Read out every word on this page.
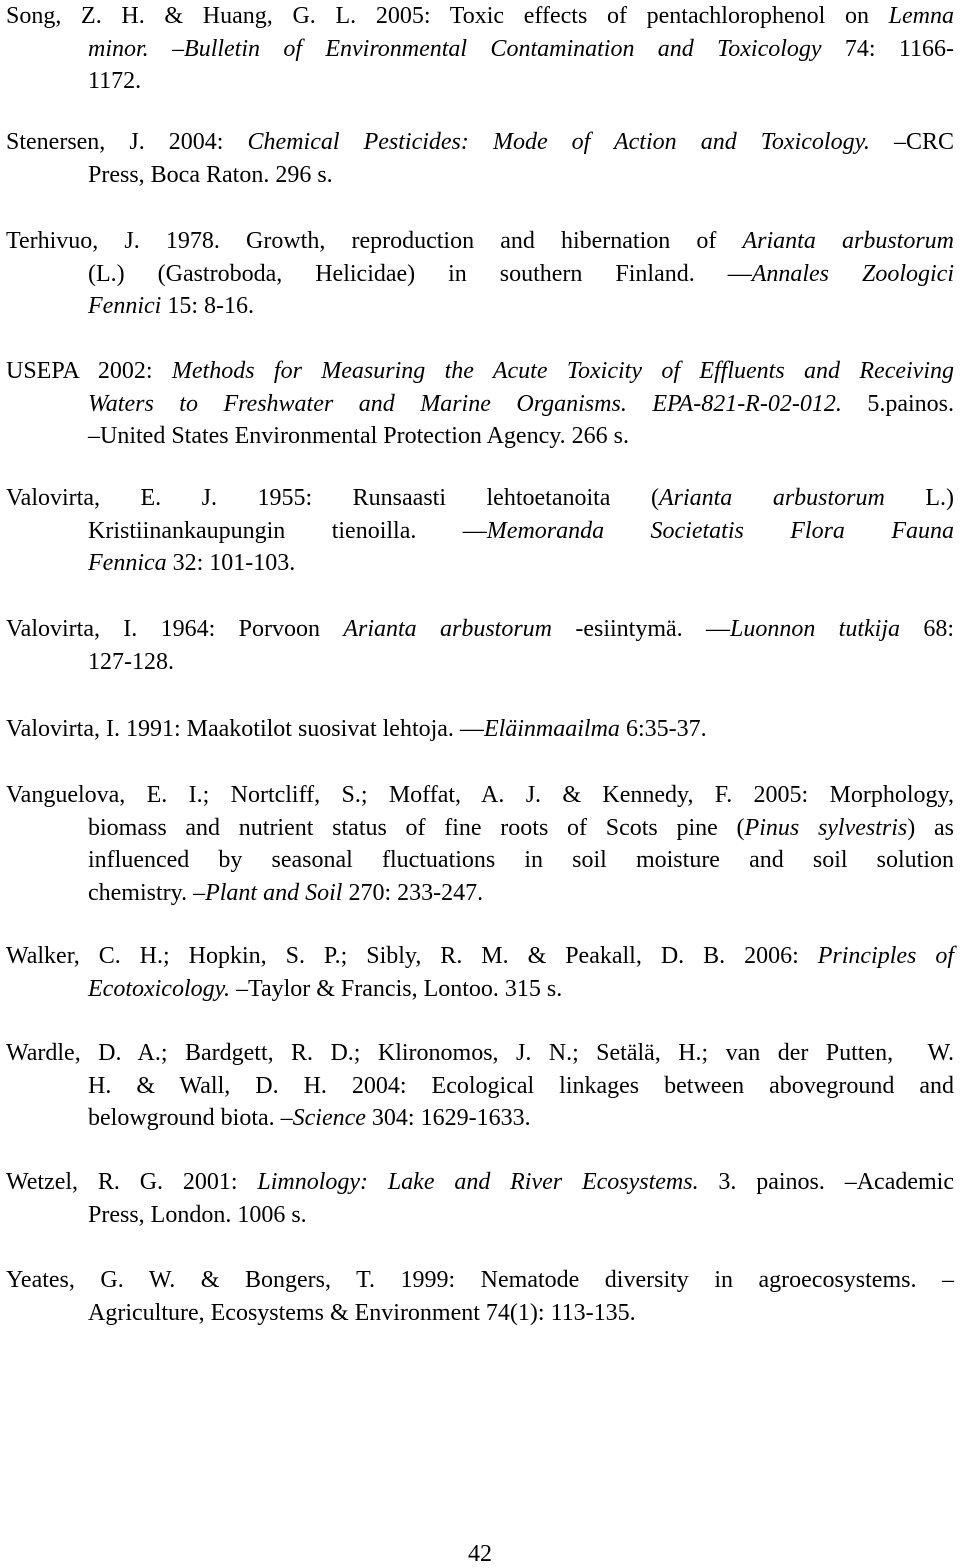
Song, Z. H. & Huang, G. L. 2005: Toxic effects of pentachlorophenol on Lemna
minor. –Bulletin of Environmental Contamination and Toxicology 74: 1166-
1172.

Stenersen, J. 2004: Chemical Pesticides: Mode of Action and Toxicology. –CRC
Press, Boca Raton. 296 s.

Terhivuo, J. 1978. Growth, reproduction and hibernation of Arianta arbustorum
(L.) (Gastroboda, Helicidae) in southern Finland. —Annales Zoologici
Fennici 15: 8-16.

USEPA 2002: Methods for Measuring the Acute Toxicity of Effluents and Receiving
Waters to Freshwater and Marine Organisms. EPA-821-R-02-012. 5.painos.
–United States Environmental Protection Agency. 266 s.

Valovirta, E. J. 1955: Runsaasti lehtoetanoita (Arianta arbustorum L.)
Kristiinankaupungin tienoilla. —Memoranda Societatis Flora Fauna
Fennica 32: 101-103.

Valovirta, I. 1964: Porvoon Arianta arbustorum -esiintymä. —Luonnon tutkija 68:
127-128.

Valovirta, I. 1991: Maakotilot suosivat lehtoja. —Eläinmaailma 6:35-37.

Vanguelova, E. I.; Nortcliff, S.; Moffat, A. J. & Kennedy, F. 2005: Morphology,
biomass and nutrient status of fine roots of Scots pine (Pinus sylvestris) as
influenced by seasonal fluctuations in soil moisture and soil solution
chemistry. –Plant and Soil 270: 233-247.

Walker, C. H.; Hopkin, S. P.; Sibly, R. M. & Peakall, D. B. 2006: Principles of
Ecotoxicology. –Taylor & Francis, Lontoo. 315 s.

Wardle, D. A.; Bardgett, R. D.; Klironomos, J. N.; Setälä, H.; van der Putten,  W.
H. & Wall, D. H. 2004: Ecological linkages between aboveground and
belowground biota. –Science 304: 1629-1633.

Wetzel, R. G. 2001: Limnology: Lake and River Ecosystems. 3. painos. –Academic
Press, London. 1006 s.

Yeates, G. W. & Bongers, T. 1999: Nematode diversity in agroecosystems. –
Agriculture, Ecosystems & Environment 74(1): 113-135.

42
